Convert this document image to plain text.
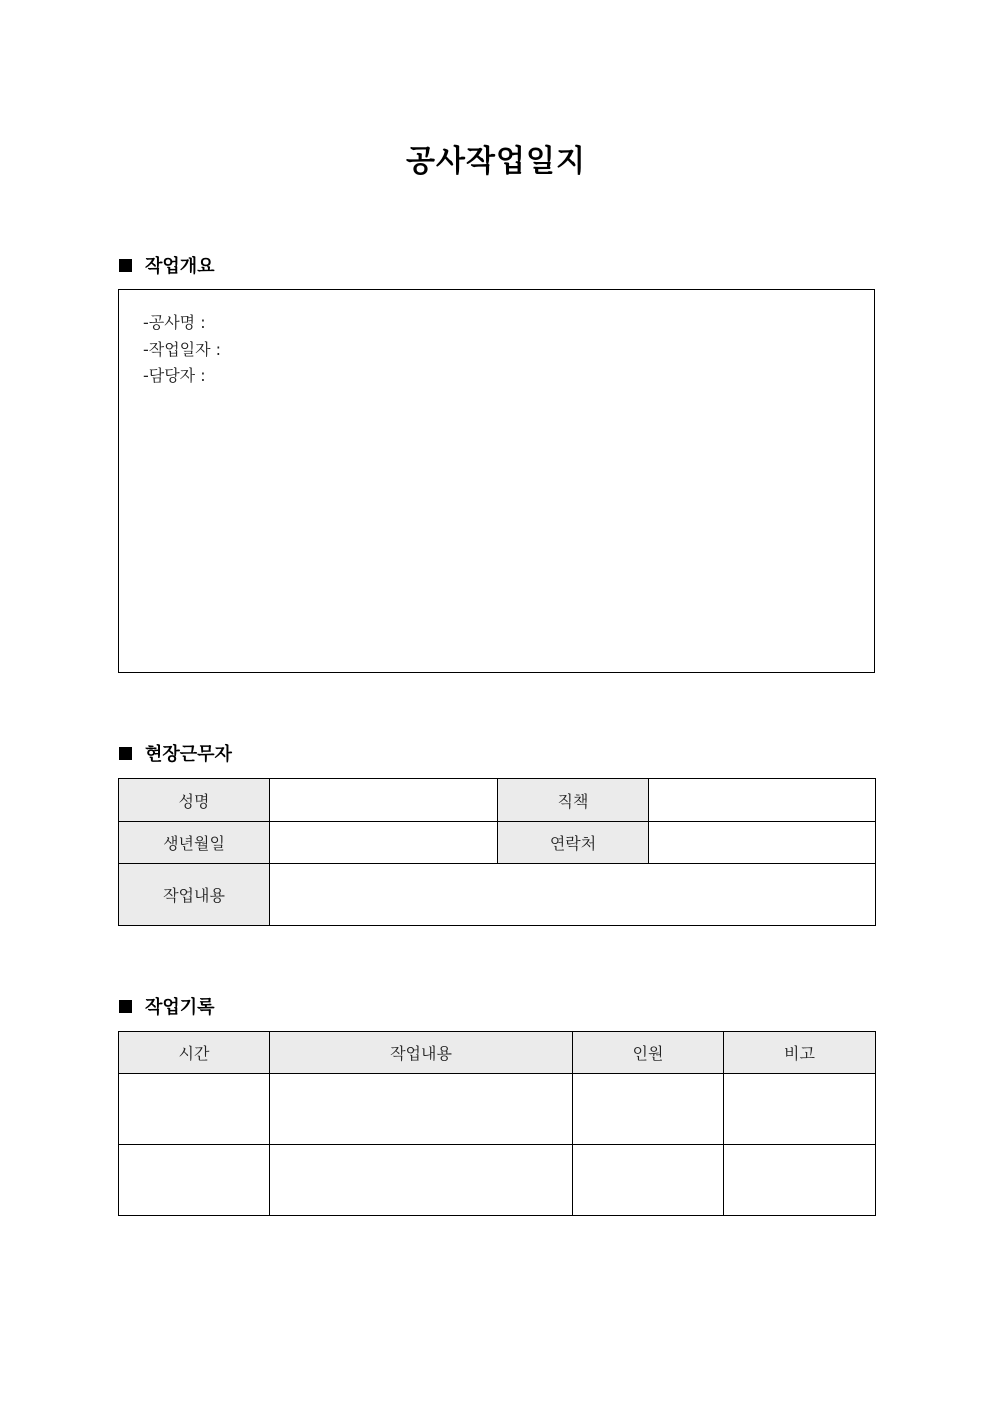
공사작업일지
작업개요
-공사명 :
-작업일자 :
-담당자 :
현장근무자
성명		직책	
생년월일		연락처	
작업내용			
작업기록
시간	작업내용	인원	비고
